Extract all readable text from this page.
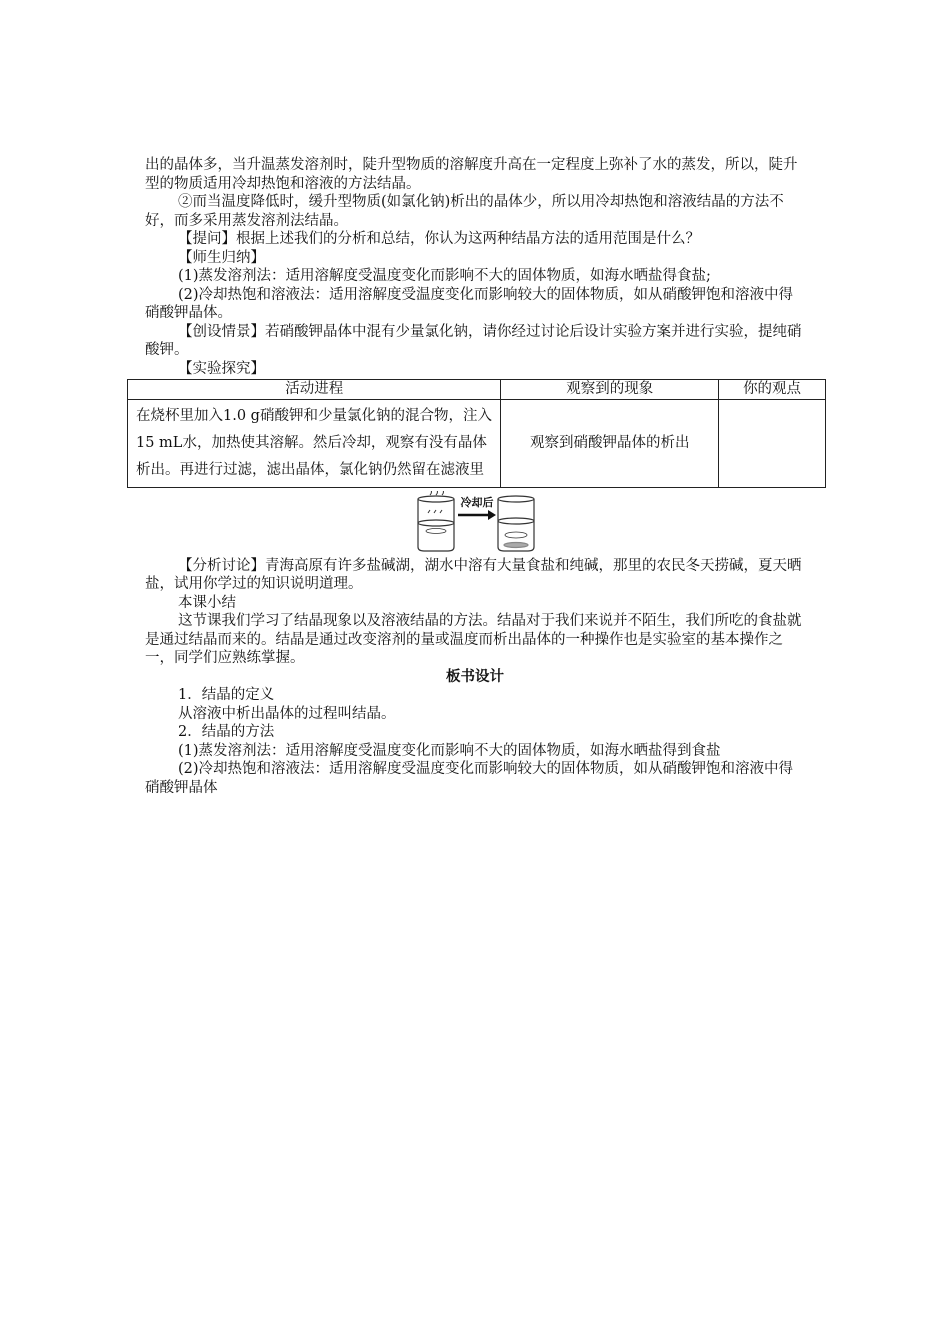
出的晶体多，当升温蒸发溶剂时，陡升型物质的溶解度升高在一定程度上弥补了水的蒸发，所以，陡升型的物质适用冷却热饱和溶液的方法结晶。

②而当温度降低时，缓升型物质(如氯化钠)析出的晶体少，所以用冷却热饱和溶液结晶的方法不好，而多采用蒸发溶剂法结晶。

【提问】根据上述我们的分析和总结，你认为这两种结晶方法的适用范围是什么？

【师生归纳】

(1)蒸发溶剂法：适用溶解度受温度变化而影响不大的固体物质，如海水晒盐得食盐;

(2)冷却热饱和溶液法：适用溶解度受温度变化而影响较大的固体物质，如从硝酸钾饱和溶液中得硝酸钾晶体。

【创设情景】若硝酸钾晶体中混有少量氯化钠，请你经过讨论后设计实验方案并进行实验，提纯硝酸钾。

【实验探究】

活动进程	观察到的现象	你的观点
在烧杯里加入1.0 g硝酸钾和少量氯化钠的混合物，注入15 mL水，加热使其溶解。然后冷却，观察有没有晶体析出。再进行过滤，滤出晶体，氯化钠仍然留在滤液里	观察到硝酸钾晶体的析出	
冷却后

【分析讨论】青海高原有许多盐碱湖，湖水中溶有大量食盐和纯碱，那里的农民冬天捞碱，夏天晒盐，试用你学过的知识说明道理。

本课小结

这节课我们学习了结晶现象以及溶液结晶的方法。结晶对于我们来说并不陌生，我们所吃的食盐就是通过结晶而来的。结晶是通过改变溶剂的量或温度而析出晶体的一种操作也是实验室的基本操作之一，同学们应熟练掌握。

板书设计

1．结晶的定义

从溶液中析出晶体的过程叫结晶。

2．结晶的方法

(1)蒸发溶剂法：适用溶解度受温度变化而影响不大的固体物质，如海水晒盐得到食盐

(2)冷却热饱和溶液法：适用溶解度受温度变化而影响较大的固体物质，如从硝酸钾饱和溶液中得硝酸钾晶体
